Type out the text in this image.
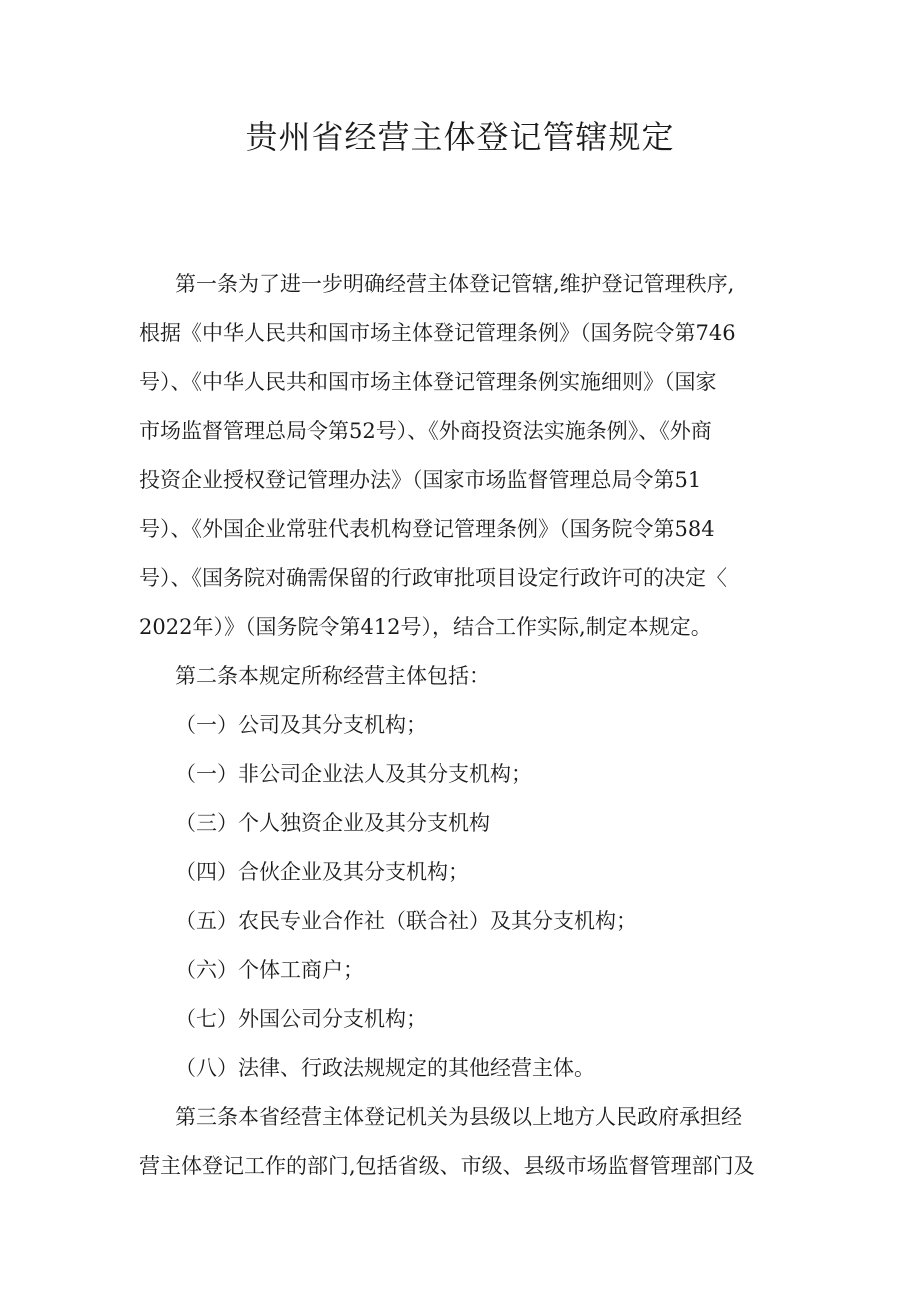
贵州省经营主体登记管辖规定
第一条为了进一步明确经营主体登记管辖,维护登记管理秩序,
根据《中华人民共和国市场主体登记管理条例》（国务院令第746
号）、《中华人民共和国市场主体登记管理条例实施细则》（国家
市场监督管理总局令第52号）、《外商投资法实施条例》、《外商
投资企业授权登记管理办法》（国家市场监督管理总局令第51
号）、《外国企业常驻代表机构登记管理条例》（国务院令第584
号）、《国务院对确需保留的行政审批项目设定行政许可的决定〈
2022年）》（国务院令第412号），结合工作实际,制定本规定。
第二条本规定所称经营主体包括：
（一）公司及其分支机构；
（一）非公司企业法人及其分支机构；
（三）个人独资企业及其分支机构
（四）合伙企业及其分支机构；
（五）农民专业合作社（联合社）及其分支机构；
（六）个体工商户；
（七）外国公司分支机构；
（八）法律、行政法规规定的其他经营主体。
第三条本省经营主体登记机关为县级以上地方人民政府承担经
营主体登记工作的部门,包括省级、市级、县级市场监督管理部门及
